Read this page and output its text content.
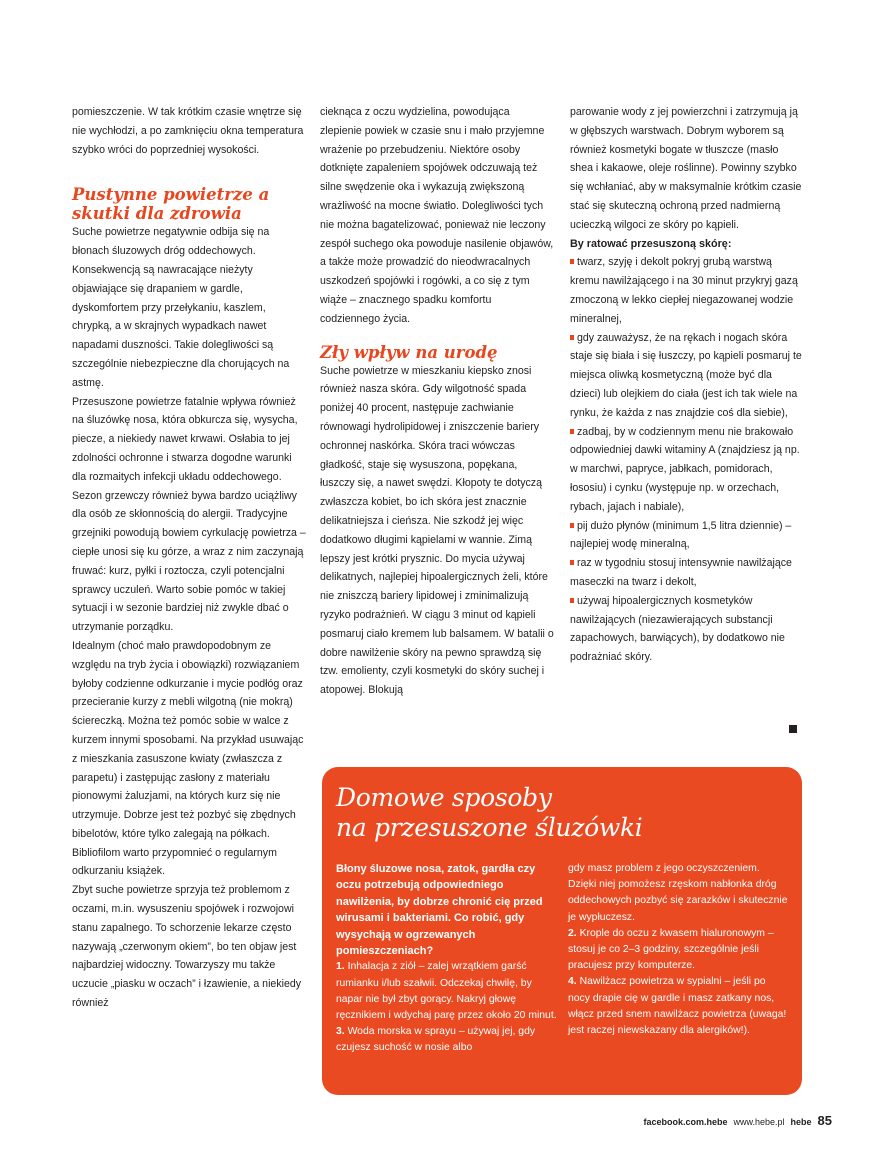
pomieszczenie. W tak krótkim czasie wnętrze się nie wychłodzi, a po zamknięciu okna temperatura szybko wróci do poprzedniej wysokości.

Pustynne powietrze a skutki dla zdrowia

Suche powietrze negatywnie odbija się na błonach śluzowych dróg oddechowych. Konsekwencją są nawracające nieżyty objawiające się drapaniem w gardle, dyskomfortem przy przełykaniu, kaszlem, chrypką, a w skrajnych wypadkach nawet napadami duszności. Takie dolegliwości są szczególnie niebezpieczne dla chorujących na astmę.

Przesuszone powietrze fatalnie wpływa również na śluzówkę nosa, która obkurcza się, wysycha, piecze, a niekiedy nawet krwawi. Osłabia to jej zdolności ochronne i stwarza dogodne warunki dla rozmaitych infekcji układu oddechowego.

Sezon grzewczy również bywa bardzo uciążliwy dla osób ze skłonnością do alergii. Tradycyjne grzejniki powodują bowiem cyrkulację powietrza – ciepłe unosi się ku górze, a wraz z nim zaczynają fruwać: kurz, pyłki i roztocza, czyli potencjalni sprawcy uczuleń. Warto sobie pomóc w takiej sytuacji i w sezonie bardziej niż zwykle dbać o utrzymanie porządku.

Idealnym (choć mało prawdopodobnym ze względu na tryb życia i obowiązki) rozwiązaniem byłoby codzienne odkurzanie i mycie podłóg oraz przecieranie kurzy z mebli wilgotną (nie mokrą) ściereczką. Można też pomóc sobie w walce z kurzem innymi sposobami. Na przykład usuwając z mieszkania zasuszone kwiaty (zwłaszcza z parapetu) i zastępując zasłony z materiału pionowymi żaluzjami, na których kurz się nie utrzymuje. Dobrze jest też pozbyć się zbędnych bibelotów, które tylko zalegają na półkach. Bibliofilom warto przypomnieć o regularnym odkurzaniu książek.

Zbyt suche powietrze sprzyja też problemom z oczami, m.in. wysuszeniu spojówek i rozwojowi stanu zapalnego. To schorzenie lekarze często nazywają „czerwonym okiem”, bo ten objaw jest najbardziej widoczny. Towarzyszy mu także uczucie „piasku w oczach” i łzawienie, a niekiedy również

cieknąca z oczu wydzielina, powodująca zlepienie powiek w czasie snu i mało przyjemne wrażenie po przebudzeniu. Niektóre osoby dotknięte zapaleniem spojówek odczuwają też silne swędzenie oka i wykazują zwiększoną wrażliwość na mocne światło. Dolegliwości tych nie można bagatelizować, ponieważ nie leczony zespół suchego oka powoduje nasilenie objawów, a także może prowadzić do nieodwracalnych uszkodzeń spojówki i rogówki, a co się z tym wiąże – znacznego spadku komfortu codziennego życia.

Zły wpływ na urodę

Suche powietrze w mieszkaniu kiepsko znosi również nasza skóra. Gdy wilgotność spada poniżej 40 procent, następuje zachwianie równowagi hydrolipidowej i zniszczenie bariery ochronnej naskórka. Skóra traci wówczas gładkość, staje się wysuszona, popękana, łuszczy się, a nawet swędzi. Kłopoty te dotyczą zwłaszcza kobiet, bo ich skóra jest znacznie delikatniejsza i cieńsza. Nie szkodź jej więc dodatkowo długimi kąpielami w wannie. Zimą lepszy jest krótki prysznic. Do mycia używaj delikatnych, najlepiej hipoalergicznych żeli, które nie zniszczą bariery lipidowej i zminimalizują ryzyko podrażnień. W ciągu 3 minut od kąpieli posmaruj ciało kremem lub balsamem. W batalii o dobre nawilżenie skóry na pewno sprawdzą się tzw. emolienty, czyli kosmetyki do skóry suchej i atopowej. Blokują

parowanie wody z jej powierzchni i zatrzymują ją w głębszych warstwach. Dobrym wyborem są również kosmetyki bogate w tłuszcze (masło shea i kakaowe, oleje roślinne). Powinny szybko się wchłaniać, aby w maksymalnie krótkim czasie stać się skuteczną ochroną przed nadmierną ucieczką wilgoci ze skóry po kąpieli.

By ratować przesuszoną skórę:
twarz, szyję i dekolt pokryj grubą warstwą kremu nawilżającego i na 30 minut przykryj gazą zmoczoną w lekko ciepłej niegazowanej wodzie mineralnej,
gdy zauważysz, że na rękach i nogach skóra staje się biała i się łuszczy, po kąpieli posmaruj te miejsca oliwką kosmetyczną (może być dla dzieci) lub olejkiem do ciała (jest ich tak wiele na rynku, że każda z nas znajdzie coś dla siebie),
zadbaj, by w codziennym menu nie brakowało odpowiedniej dawki witaminy A (znajdziesz ją np. w marchwi, papryce, jabłkach, pomidorach, łososiu) i cynku (występuje np. w orzechach, rybach, jajach i nabiale),
pij dużo płynów (minimum 1,5 litra dziennie) – najlepiej wodę mineralną,
raz w tygodniu stosuj intensywnie nawilżające maseczki na twarz i dekolt,
używaj hipoalergicznych kosmetyków nawilżających (niezawierających substancji zapachowych, barwiących), by dodatkowo nie podrażniać skóry.
Domowe sposoby
na przesuszone śluzówki

Błony śluzowe nosa, zatok, gardła czy oczu potrzebują odpowiedniego nawilżenia, by dobrze chronić cię przed wirusami i bakteriami. Co robić, gdy wysychają w ogrzewanych pomieszczeniach?

1. Inhalacja z ziół – zalej wrzątkiem garść rumianku i/lub szałwii. Odczekaj chwilę, by napar nie był zbyt gorący. Nakryj głowę ręcznikiem i wdychaj parę przez około 20 minut.

3. Woda morska w sprayu – używaj jej, gdy czujesz suchość w nosie albo

gdy masz problem z jego oczyszczeniem. Dzięki niej pomożesz rzęskom nabłonka dróg oddechowych pozbyć się zarazków i skutecznie je wypłuczesz.

2. Krople do oczu z kwasem hialuronowym – stosuj je co 2–3 godziny, szczególnie jeśli pracujesz przy komputerze.

4. Nawilżacz powietrza w sypialni – jeśli po nocy drapie cię w gardle i masz zatkany nos, włącz przed snem nawilżacz powietrza (uwaga! jest raczej niewskazany dla alergików!).

facebook.com.hebe www.hebe.pl hebe 85
